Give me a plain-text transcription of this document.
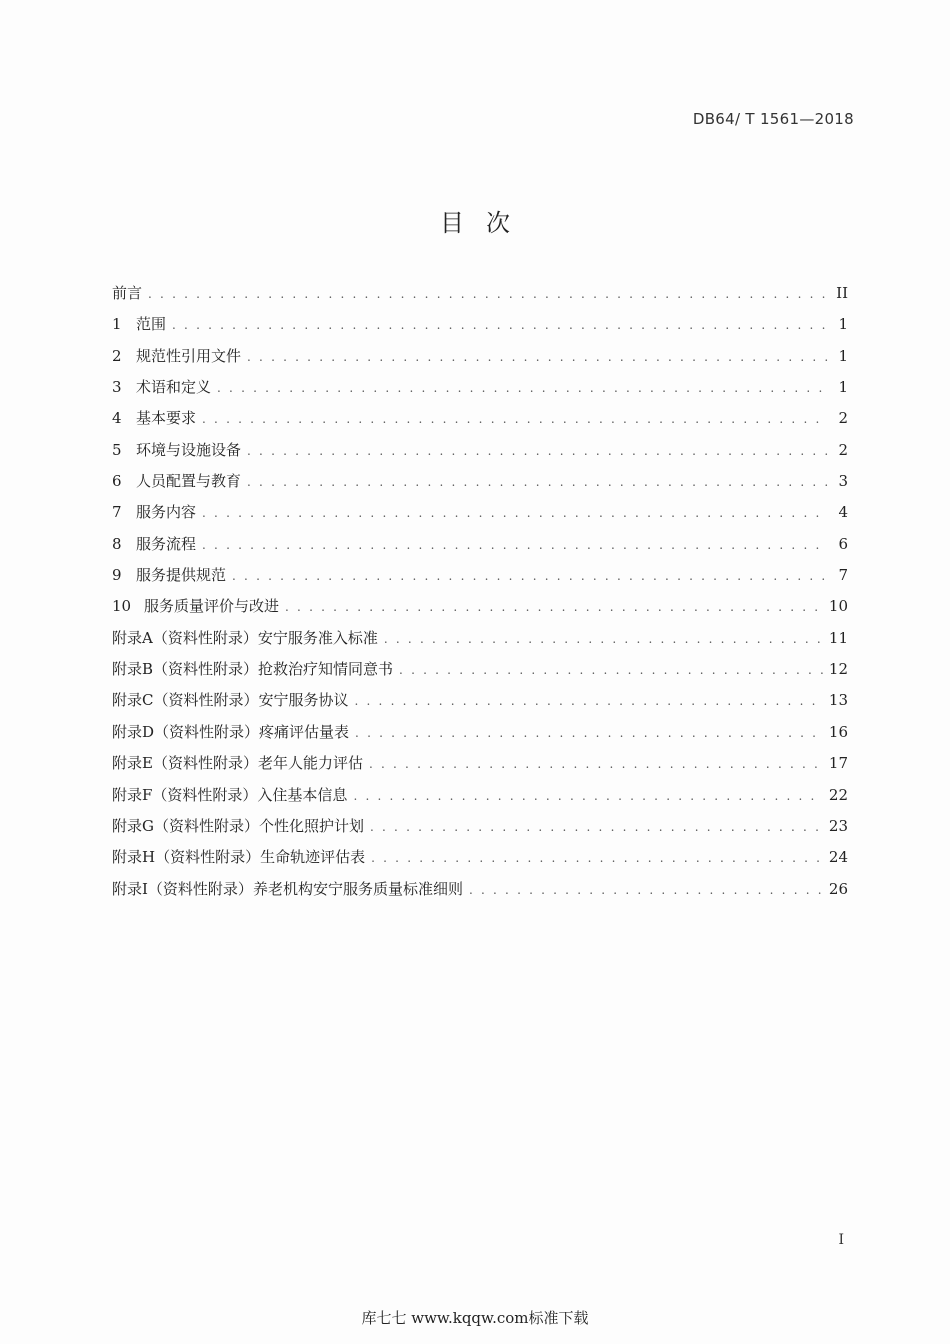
DB64/ T 1561—2018
目 次
前言 . . .	II
1 范围 . . .	1
2 规范性引用文件 . . .	1
3 术语和定义 . . .	1
4 基本要求 . . .	2
5 环境与设施设备 . . .	2
6 人员配置与教育 . . .	3
7 服务内容 . . .	4
8 服务流程 . . .	6
9 服务提供规范 . . .	7
10 服务质量评价与改进 . . .	10
附录A（资料性附录） 安宁服务准入标准 . . .	11
附录B（资料性附录） 抢救治疗知情同意书 . . .	12
附录C（资料性附录） 安宁服务协议 . . .	13
附录D（资料性附录） 疼痛评估量表 . . .	16
附录E（资料性附录） 老年人能力评估 . . .	17
附录F（资料性附录） 入住基本信息 . . .	22
附录G（资料性附录） 个性化照护计划 . . .	23
附录H（资料性附录） 生命轨迹评估表 . . .	24
附录I（资料性附录） 养老机构安宁服务质量标准细则 . . .	26
I
库七七 www.kqqw.com标准下载
